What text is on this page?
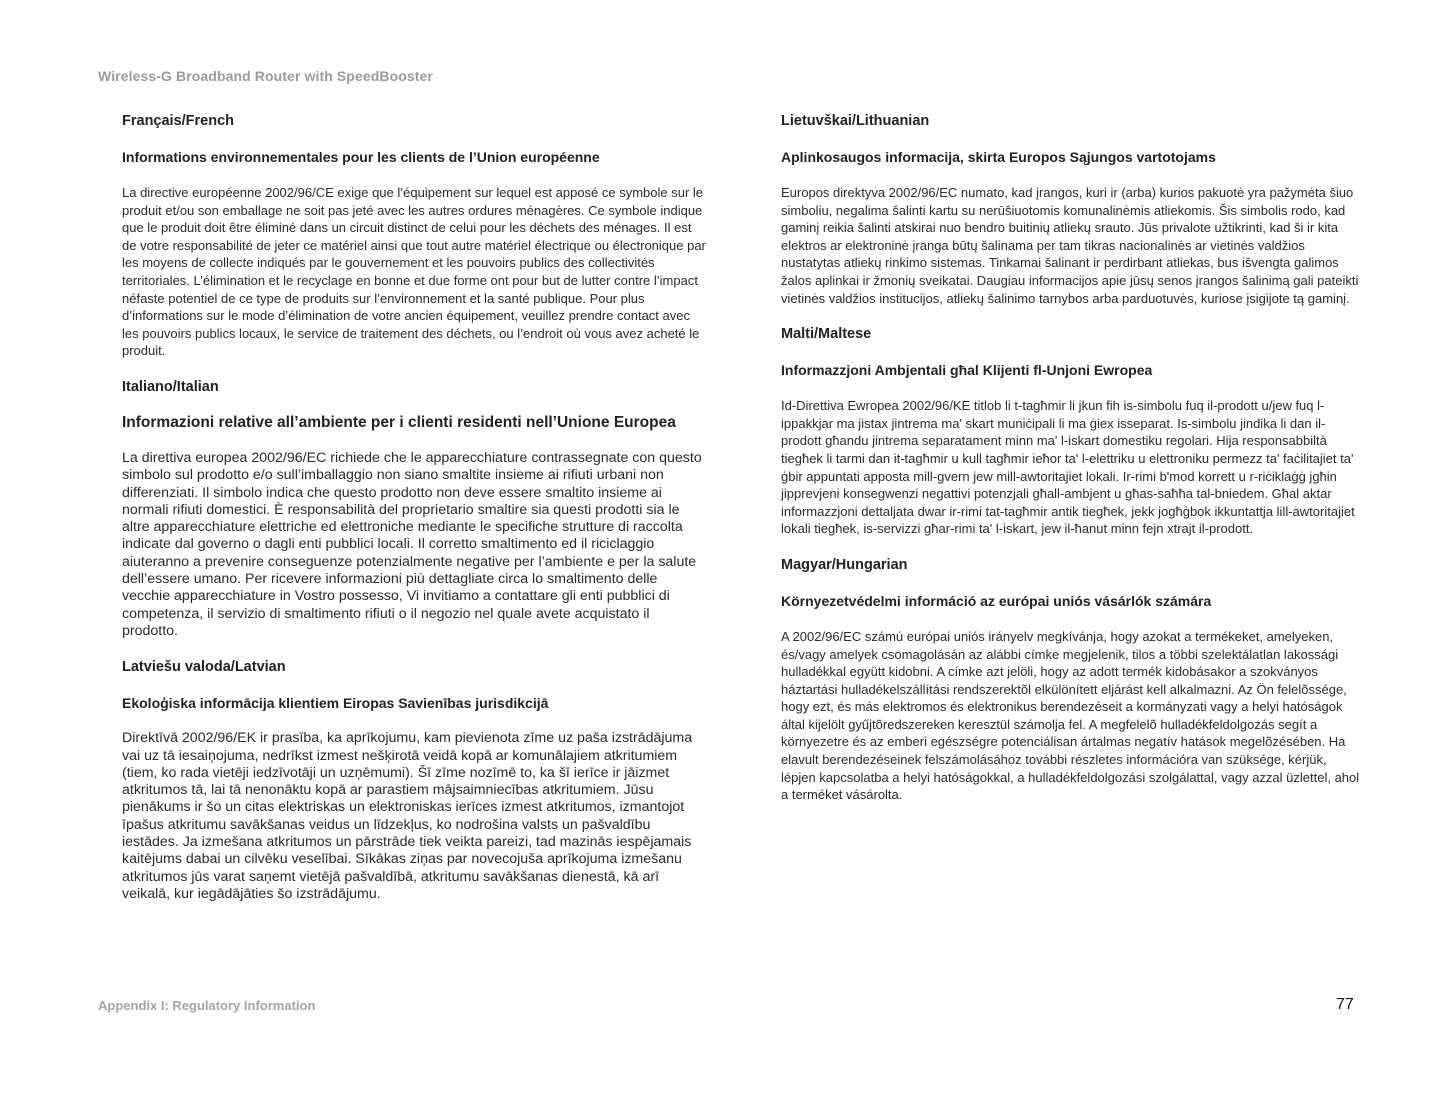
Wireless-G Broadband Router with SpeedBooster

Français/French

Informations environnementales pour les clients de l’Union européenne

La directive européenne 2002/96/CE exige que l’équipement sur lequel est apposé ce symbole sur le produit et/ou son emballage ne soit pas jeté avec les autres ordures ménagères. Ce symbole indique que le produit doit être éliminé dans un circuit distinct de celui pour les déchets des ménages. Il est de votre responsabilité de jeter ce matériel ainsi que tout autre matériel électrique ou électronique par les moyens de collecte indiqués par le gouvernement et les pouvoirs publics des collectivités territoriales. L’élimination et le recyclage en bonne et due forme ont pour but de lutter contre l’impact néfaste potentiel de ce type de produits sur l’environnement et la santé publique. Pour plus d’informations sur le mode d’élimination de votre ancien équipement, veuillez prendre contact avec les pouvoirs publics locaux, le service de traitement des déchets, ou l’endroit où vous avez acheté le produit.

Italiano/Italian

Informazioni relative all’ambiente per i clienti residenti nell’Unione Europea

La direttiva europea 2002/96/EC richiede che le apparecchiature contrassegnate con questo simbolo sul prodotto e/o sull’imballaggio non siano smaltite insieme ai rifiuti urbani non differenziati. Il simbolo indica che questo prodotto non deve essere smaltito insieme ai normali rifiuti domestici. È responsabilità del proprietario smaltire sia questi prodotti sia le altre apparecchiature elettriche ed elettroniche mediante le specifiche strutture di raccolta indicate dal governo o dagli enti pubblici locali. Il corretto smaltimento ed il riciclaggio aiuteranno a prevenire conseguenze potenzialmente negative per l’ambiente e per la salute dell’essere umano. Per ricevere informazioni più dettagliate circa lo smaltimento delle vecchie apparecchiature in Vostro possesso, Vi invitiamo a contattare gli enti pubblici di competenza, il servizio di smaltimento rifiuti o il negozio nel quale avete acquistato il prodotto.

Latviešu valoda/Latvian

Ekoloģiska informācija klientiem Eiropas Savienības jurisdikcijā

Direktīvā 2002/96/EK ir prasība, ka aprīkojumu, kam pievienota zīme uz paša izstrādājuma vai uz tā iesaiņojuma, nedrīkst izmest nešķirotā veidā kopā ar komunālajiem atkritumiem (tiem, ko rada vietēji iedzīvotāji un uzņēmumi). Šī zīme nozīmē to, ka šī ierīce ir jāizmet atkritumos tā, lai tā nenonāktu kopā ar parastiem mājsaimniecības atkritumiem. Jūsu pienākums ir šo un citas elektriskas un elektroniskas ierīces izmest atkritumos, izmantojot īpašus atkritumu savākšanas veidus un līdzekļus, ko nodrošina valsts un pašvaldību iestādes. Ja izmešana atkritumos un pārstrāde tiek veikta pareizi, tad mazinās iespējamais kaitējums dabai un cilvēku veselībai. Sīkākas ziņas par novecojuša aprīkojuma izmešanu atkritumos jūs varat saņemt vietējā pašvaldībā, atkritumu savākšanas dienestā, kā arī veikalā, kur iegādājāties šo izstrādājumu.

Lietuvškai/Lithuanian

Aplinkosaugos informacija, skirta Europos Sąjungos vartotojams

Europos direktyva 2002/96/EC numato, kad įrangos, kuri ir (arba) kurios pakuotė yra pažymėta šiuo simboliu, negalima šalinti kartu su nerūšiuotomis komunalinėmis atliekomis. Šis simbolis rodo, kad gaminį reikia šalinti atskirai nuo bendro buitinių atliekų srauto. Jūs privalote užtikrinti, kad ši ir kita elektros ar elektroninė įranga būtų šalinama per tam tikras nacionalinės ar vietinės valdžios nustatytas atliekų rinkimo sistemas. Tinkamai šalinant ir perdirbant atliekas, bus išvengta galimos žalos aplinkai ir žmonių sveikatai. Daugiau informacijos apie jūsų senos įrangos šalinimą gali pateikti vietinės valdžios institucijos, atliekų šalinimo tarnybos arba parduotuvės, kuriose įsigijote tą gaminį.

Malti/Maltese

Informazzjoni Ambjentali għal Klijenti fl-Unjoni Ewropea

Id-Direttiva Ewropea 2002/96/KE titlob li t-tagħmir li jkun fih is-simbolu fuq il-prodott u/jew fuq l-ippakkjar ma jistax jintrema ma' skart muniċipali li ma ġiex isseparat. Is-simbolu jindika li dan il-prodott għandu jintrema separatament minn ma' l-iskart domestiku regolari. Hija responsabbiltà tiegħek li tarmi dan it-tagħmir u kull tagħmir ieħor ta' l-elettriku u elettroniku permezz ta' faċilitajiet ta' ġbir appuntati apposta mill-gvern jew mill-awtoritajiet lokali. Ir-rimi b'mod korrett u r-riċiklaġġ jgħin jipprevjeni konsegwenzi negattivi potenzjali għall-ambjent u għas-saħħa tal-bniedem. Għal aktar informazzjoni dettaljata dwar ir-rimi tat-tagħmir antik tiegħek, jekk jogħġbok ikkuntattja lill-awtoritajiet lokali tiegħek, is-servizzi għar-rimi ta' l-iskart, jew il-ħanut minn fejn xtrajt il-prodott.

Magyar/Hungarian

Környezetvédelmi információ az európai uniós vásárlók számára

A 2002/96/EC számú európai uniós irányelv megkívánja, hogy azokat a termékeket, amelyeken, és/vagy amelyek csomagolásán az alábbi címke megjelenik, tilos a többi szelektálatlan lakossági hulladékkal együtt kidobni. A címke azt jelöli, hogy az adott termék kidobásakor a szokványos háztartási hulladékelszállítási rendszerektõl elkülönített eljárást kell alkalmazni. Az Ön felelõssége, hogy ezt, és más elektromos és elektronikus berendezéseit a kormányzati vagy a helyi hatóságok által kijelölt gyűjtõredszereken keresztül számolja fel. A megfelelõ hulladékfeldolgozás segít a környezetre és az emberi egészségre potenciálisan ártalmas negatív hatások megelõzésében. Ha elavult berendezéseinek felszámolásához további részletes információra van szüksége, kérjük, lépjen kapcsolatba a helyi hatóságokkal, a hulladékfeldolgozási szolgálattal, vagy azzal üzlettel, ahol a terméket vásárolta.

Appendix I: Regulatory Information	77
